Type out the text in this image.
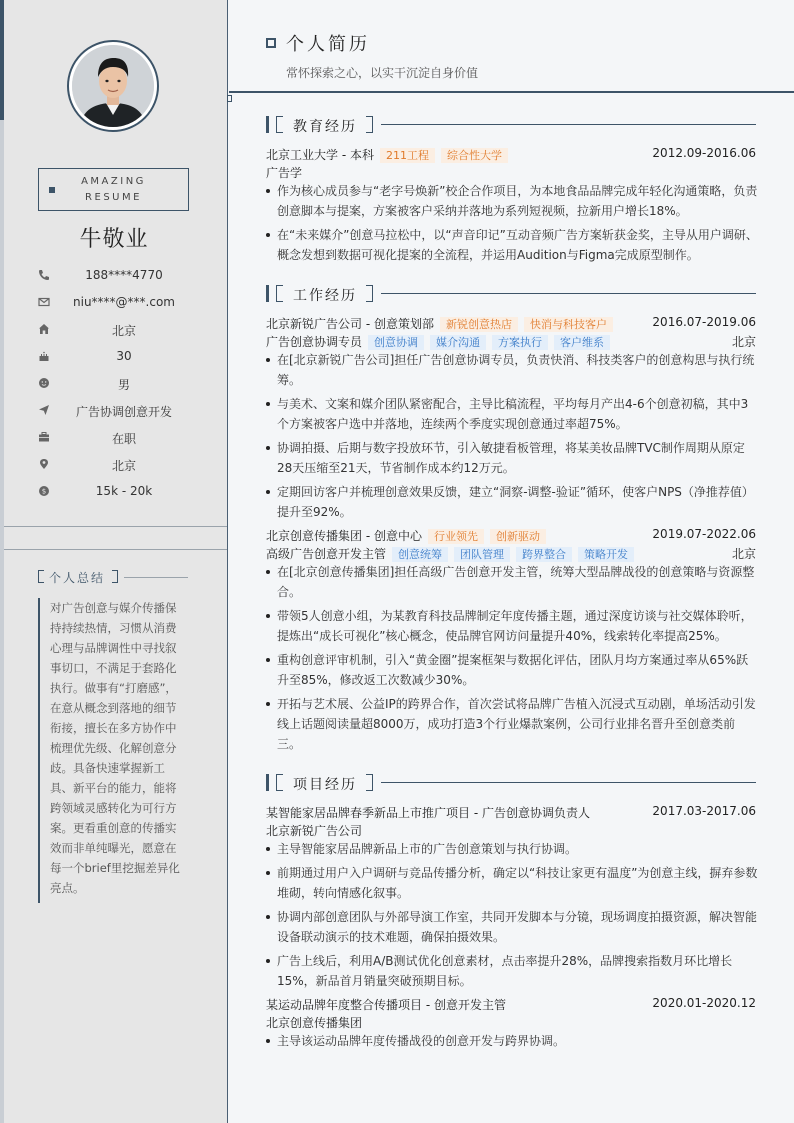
AMAZING
RESUME
牛敬业
188****4770
niu****@***.com
北京
30
男
广告协调创意开发
在职
北京
$	15k - 20k
个人总结
对广告创意与媒介传播保持持续热情，习惯从消费心理与品牌调性中寻找叙事切口，不满足于套路化执行。做事有“打磨感”，在意从概念到落地的细节衔接，擅长在多方协作中梳理优先级、化解创意分歧。具备快速掌握新工具、新平台的能力，能将跨领域灵感转化为可行方案。更看重创意的传播实效而非单纯曝光，愿意在每一个brief里挖掘差异化亮点。
个人简历
常怀探索之心，以实干沉淀自身价值
教育经历
北京工业大学 - 本科 211工程 综合性大学	2012.09-2016.06
广告学
作为核心成员参与“老字号焕新”校企合作项目，为本地食品品牌完成年轻化沟通策略，负责创意脚本与提案，方案被客户采纳并落地为系列短视频，拉新用户增长18%。
在“未来媒介”创意马拉松中，以“声音印记”互动音频广告方案斩获金奖，主导从用户调研、概念发想到数据可视化提案的全流程，并运用Audition与Figma完成原型制作。
工作经历
北京新锐广告公司 - 创意策划部 新锐创意热店 快消与科技客户	2016.07-2019.06
广告创意协调专员 创意协调 媒介沟通 方案执行 客户维系	北京
在[北京新锐广告公司]担任广告创意协调专员，负责快消、科技类客户的创意构思与执行统筹。
与美术、文案和媒介团队紧密配合，主导比稿流程，平均每月产出4-6个创意初稿，其中3个方案被客户选中并落地，连续两个季度实现创意通过率超75%。
协调拍摄、后期与数字投放环节，引入敏捷看板管理，将某美妆品牌TVC制作周期从原定28天压缩至21天，节省制作成本约12万元。
定期回访客户并梳理创意效果反馈，建立“洞察-调整-验证”循环，使客户NPS（净推荐值）提升至92%。
北京创意传播集团 - 创意中心 行业领先 创新驱动	2019.07-2022.06
高级广告创意开发主管 创意统筹 团队管理 跨界整合 策略开发	北京
在[北京创意传播集团]担任高级广告创意开发主管，统筹大型品牌战役的创意策略与资源整合。
带领5人创意小组，为某教育科技品牌制定年度传播主题，通过深度访谈与社交媒体聆听，提炼出“成长可视化”核心概念，使品牌官网访问量提升40%，线索转化率提高25%。
重构创意评审机制，引入“黄金圈”提案框架与数据化评估，团队月均方案通过率从65%跃升至85%，修改返工次数减少30%。
开拓与艺术展、公益IP的跨界合作，首次尝试将品牌广告植入沉浸式互动剧，单场活动引发线上话题阅读量超8000万，成功打造3个行业爆款案例，公司行业排名晋升至创意类前三。
项目经历
某智能家居品牌春季新品上市推广项目 - 广告创意协调负责人	2017.03-2017.06
北京新锐广告公司
主导智能家居品牌新品上市的广告创意策划与执行协调。
前期通过用户入户调研与竞品传播分析，确定以“科技让家更有温度”为创意主线，摒弃参数堆砌，转向情感化叙事。
协调内部创意团队与外部导演工作室，共同开发脚本与分镜，现场调度拍摄资源，解决智能设备联动演示的技术难题，确保拍摄效果。
广告上线后，利用A/B测试优化创意素材，点击率提升28%，品牌搜索指数月环比增长15%，新品首月销量突破预期目标。
某运动品牌年度整合传播项目 - 创意开发主管	2020.01-2020.12
北京创意传播集团
主导该运动品牌年度传播战役的创意开发与跨界协调。
